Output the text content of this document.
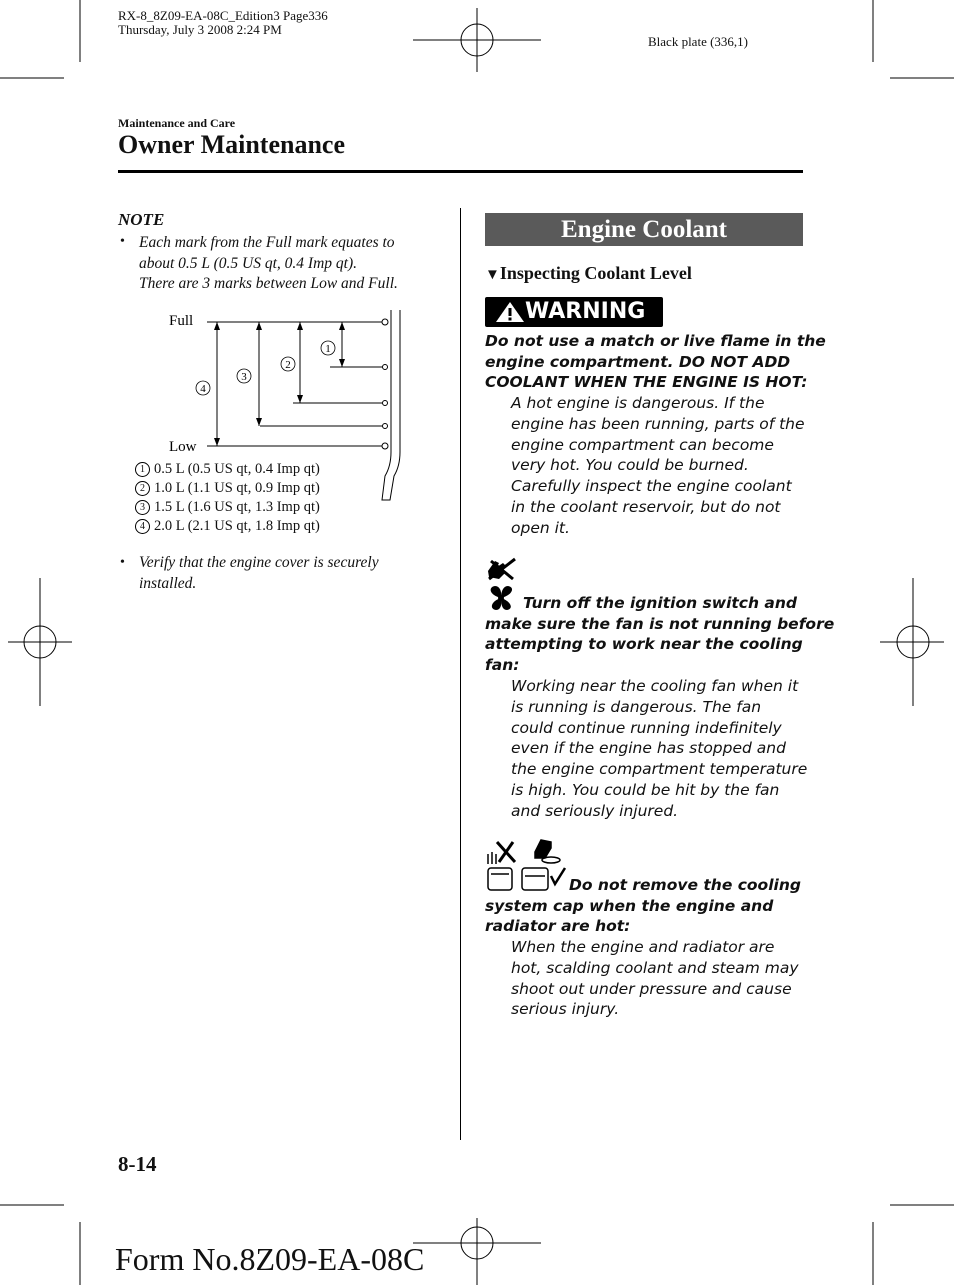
RX-8_8Z09-EA-08C_Edition3 Page336
Thursday, July 3 2008 2:24 PM
Black plate (336,1)
Maintenance and Care
Owner Maintenance
NOTE
• Each mark from the Full mark equates to
about 0.5 L (0.5 US qt, 0.4 Imp qt).
There are 3 marks between Low and Full.
1
2
3
4
Full
Low
1 0.5 L (0.5 US qt, 0.4 Imp qt)
2 1.0 L (1.1 US qt, 0.9 Imp qt)
3 1.5 L (1.6 US qt, 1.3 Imp qt)
4 2.0 L (2.1 US qt, 1.8 Imp qt)
• Verify that the engine cover is securely
installed.
Engine Coolant
▼Inspecting Coolant Level
WARNING
Do not use a match or live flame in the
engine compartment. DO NOT ADD
COOLANT WHEN THE ENGINE IS HOT:
A hot engine is dangerous. If the
engine has been running, parts of the
engine compartment can become
very hot. You could be burned.
Carefully inspect the engine coolant
in the coolant reservoir, but do not
open it.
Turn off the ignition switch and
make sure the fan is not running before
attempting to work near the cooling
fan:
Working near the cooling fan when it
is running is dangerous. The fan
could continue running indefinitely
even if the engine has stopped and
the engine compartment temperature
is high. You could be hit by the fan
and seriously injured.
Do not remove the cooling
system cap when the engine and
radiator are hot:
When the engine and radiator are
hot, scalding coolant and steam may
shoot out under pressure and cause
serious injury.
8-14
Form No.8Z09-EA-08C
